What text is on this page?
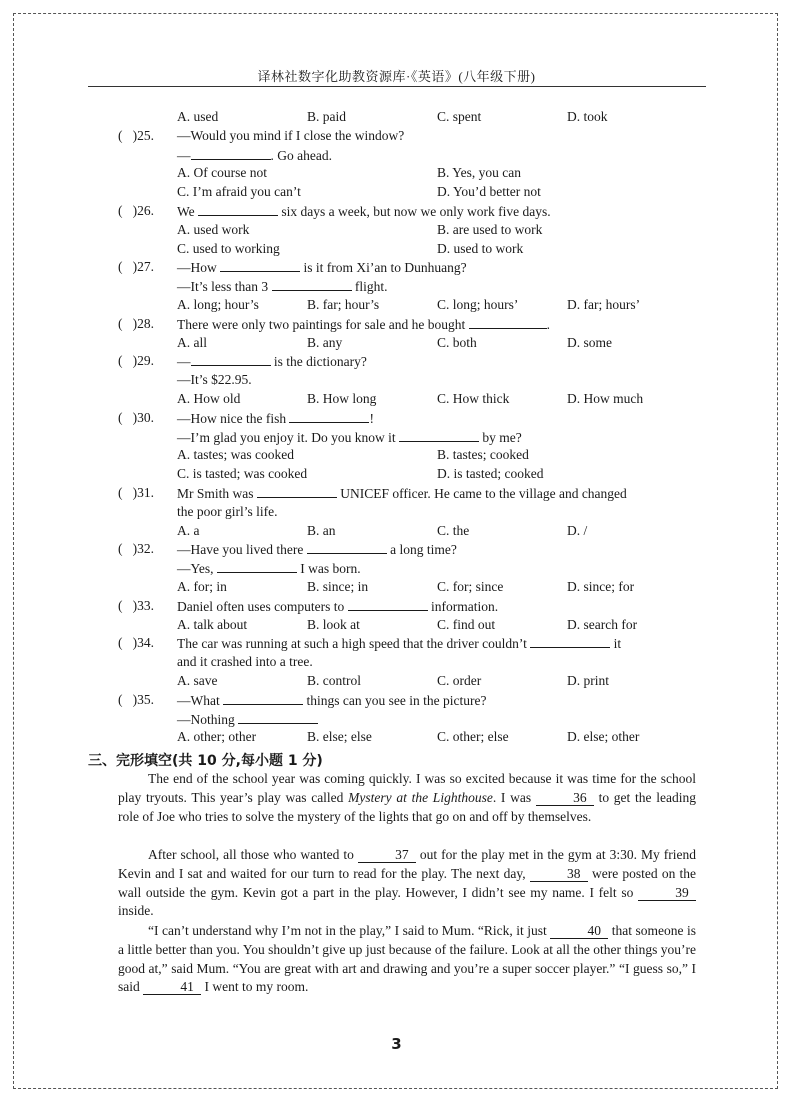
译林社数字化助教资源库·《英语》(八年级下册)
A. used	B. paid	C. spent	D. took
(   )25. —Would you mind if I close the window?
—	. Go ahead.
A. Of course not	B. Yes, you can
C. I’m afraid you can’t	D. You’d better not
(   )26. We	six days a week, but now we only work five days.
A. used work	B. are used to work
C. used to working	D. used to work
(   )27. —How	is it from Xi’an to Dunhuang?
—It’s less than 3	flight.
A. long; hour’s	B. far; hour’s	C. long; hours’	D. far; hours’
(   )28. There were only two paintings for sale and he bought	.
A. all	B. any	C. both	D. some
(   )29. —	is the dictionary?
—It’s $22.95.
A. How old	B. How long	C. How thick	D. How much
(   )30. —How nice the fish	!
—I’m glad you enjoy it. Do you know it	by me?
A. tastes; was cooked	B. tastes; cooked
C. is tasted; was cooked	D. is tasted; cooked
(   )31. Mr Smith was	UNICEF officer. He came to the village and changed
the poor girl’s life.
A. a	B. an	C. the	D. /
(   )32. —Have you lived there	a long time?
—Yes,	I was born.
A. for; in	B. since; in	C. for; since	D. since; for
(   )33. Daniel often uses computers to	information.
A. talk about	B. look at	C. find out	D. search for
(   )34. The car was running at such a high speed that the driver couldn’t	it
and it crashed into a tree.
A. save	B. control	C. order	D. print
(   )35. —What	things can you see in the picture?
—Nothing
A. other; other	B. else; else	C. other; else	D. else; other
三、完形填空(共 10 分,每小题 1 分)
The end of the school year was coming quickly. I was so excited because it was time for the school play tryouts. This year’s play was called Mystery at the Lighthouse. I was	36 to get the leading role of Joe who tries to solve the mystery of the lights that go on and off by themselves.
After school, all those who wanted to	37 out for the play met in the gym at 3:30. My friend Kevin and I sat and waited for our turn to read for the play. The next day,	38 were posted on the wall outside the gym. Kevin got a part in the play. However, I didn’t see my name. I felt so	39 inside.
“I can’t understand why I’m not in the play,” I said to Mum. “Rick, it just	40 that someone is a little better than you. You shouldn’t give up just because of the failure. Look at all the other things you’re good at,” said Mum. “You are great with art and drawing and you’re a super soccer player.” “I guess so,” I said	41 I went to my room.
3
